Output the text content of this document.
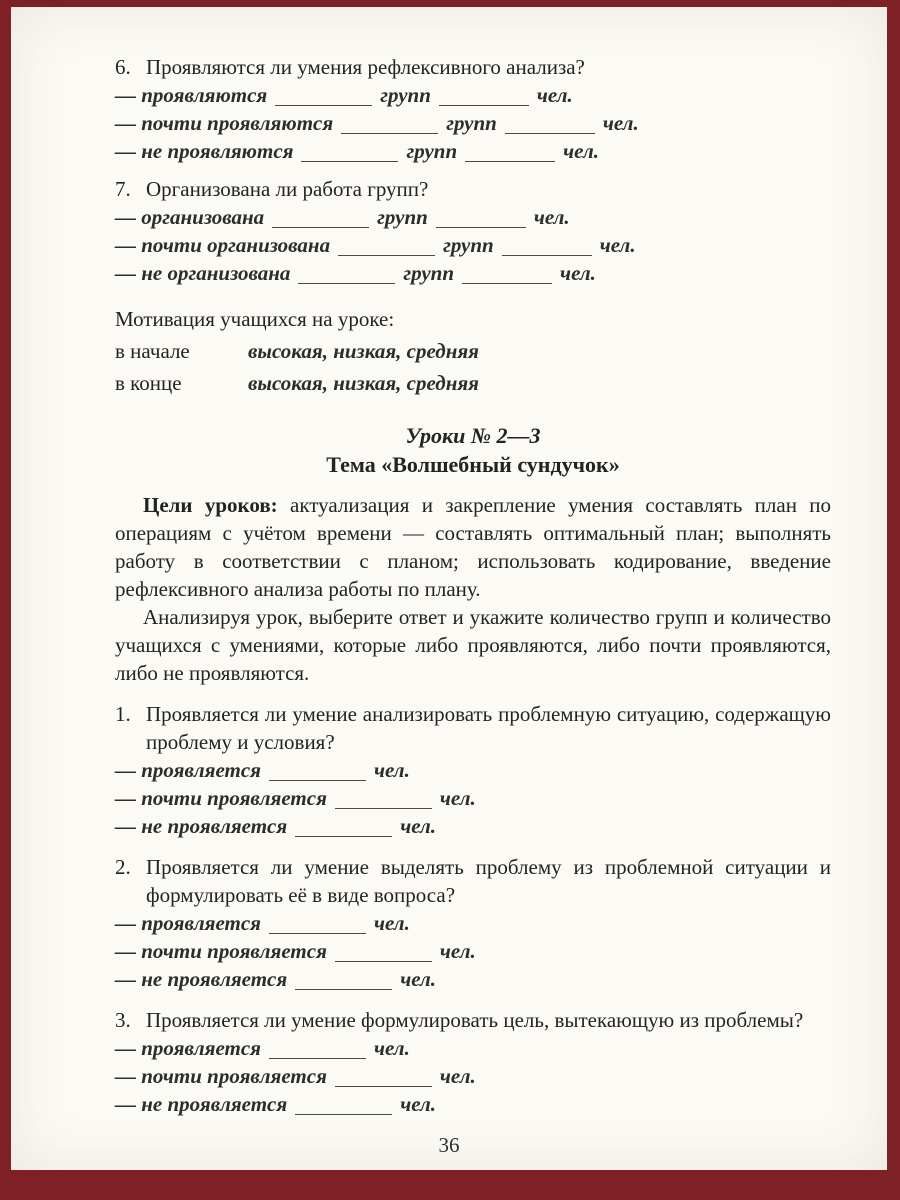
6. Проявляются ли умения рефлексивного анализа?
— проявляются	групп	чел.
— почти проявляются	групп	чел.
— не проявляются	групп	чел.
7. Организована ли работа групп?
— организована	групп	чел.
— почти организована	групп	чел.
— не организована	групп	чел.
Мотивация учащихся на уроке:
в начале	высокая, низкая, средняя
в конце	высокая, низкая, средняя
Уроки № 2—3
Тема «Волшебный сундучок»

Цели уроков: актуализация и закрепление умения составлять план по операциям с учётом времени — составлять оптимальный план; выполнять работу в соответствии с планом; использовать кодирование, введение рефлексивного анализа работы по плану.

Анализируя урок, выберите ответ и укажите количество групп и количество учащихся с умениями, которые либо проявляются, либо почти проявляются, либо не проявляются.

1. Проявляется ли умение анализировать проблемную ситуацию, содержащую проблему и условия?
— проявляется	чел.
— почти проявляется	чел.
— не проявляется	чел.
2. Проявляется ли умение выделять проблему из проблемной ситуации и формулировать её в виде вопроса?
— проявляется	чел.
— почти проявляется	чел.
— не проявляется	чел.
3. Проявляется ли умение формулировать цель, вытекающую из проблемы?
— проявляется	чел.
— почти проявляется	чел.
— не проявляется	чел.
36
